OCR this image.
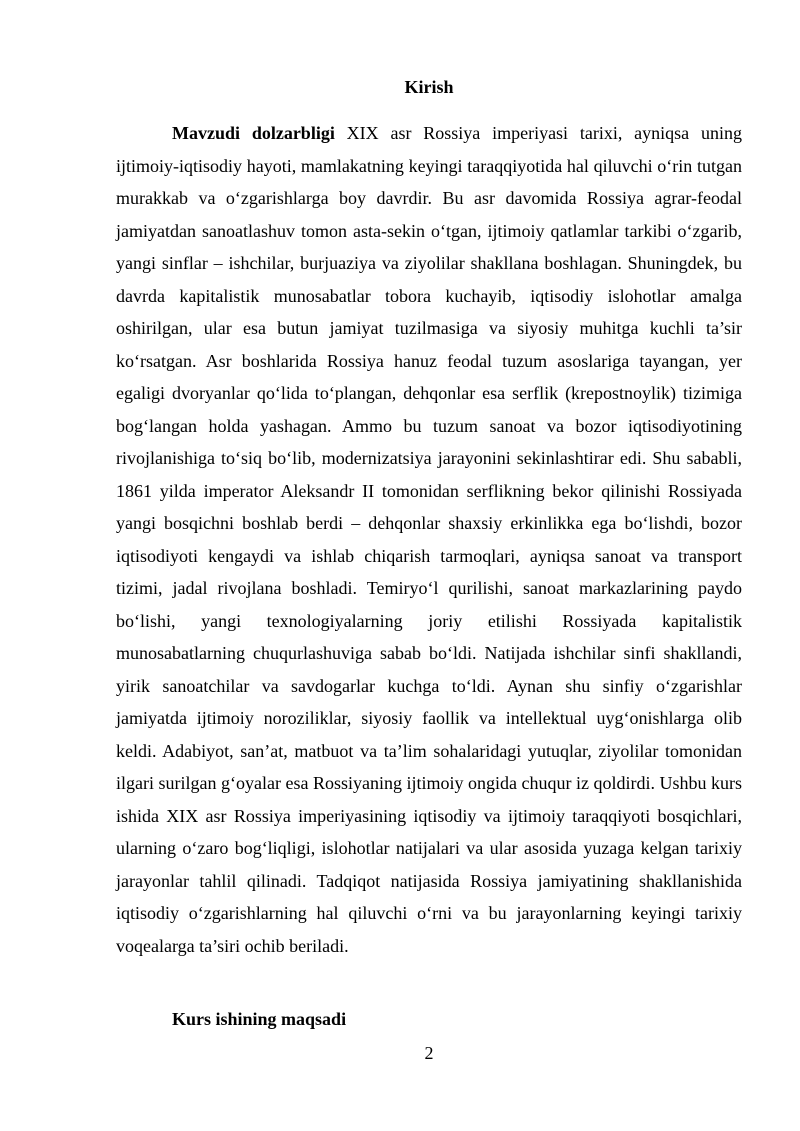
Kirish

Mavzudi dolzarbligi XIX asr Rossiya imperiyasi tarixi, ayniqsa uning ijtimoiy-iqtisodiy hayoti, mamlakatning keyingi taraqqiyotida hal qiluvchi o‘rin tutgan murakkab va o‘zgarishlarga boy davrdir. Bu asr davomida Rossiya agrar-feodal jamiyatdan sanoatlashuv tomon asta-sekin o‘tgan, ijtimoiy qatlamlar tarkibi o‘zgarib, yangi sinflar – ishchilar, burjuaziya va ziyolilar shakllana boshlagan. Shuningdek, bu davrda kapitalistik munosabatlar tobora kuchayib, iqtisodiy islohotlar amalga oshirilgan, ular esa butun jamiyat tuzilmasiga va siyosiy muhitga kuchli ta’sir ko‘rsatgan. Asr boshlarida Rossiya hanuz feodal tuzum asoslariga tayangan, yer egaligi dvoryanlar qo‘lida to‘plangan, dehqonlar esa serflik (krepostnoylik) tizimiga bog‘langan holda yashagan. Ammo bu tuzum sanoat va bozor iqtisodiyotining rivojlanishiga to‘siq bo‘lib, modernizatsiya jarayonini sekinlashtirar edi. Shu sababli, 1861 yilda imperator Aleksandr II tomonidan serflikning bekor qilinishi Rossiyada yangi bosqichni boshlab berdi – dehqonlar shaxsiy erkinlikka ega bo‘lishdi, bozor iqtisodiyoti kengaydi va ishlab chiqarish tarmoqlari, ayniqsa sanoat va transport tizimi, jadal rivojlana boshladi. Temiryo‘l qurilishi, sanoat markazlarining paydo bo‘lishi, yangi texnologiyalarning joriy etilishi Rossiyada kapitalistik munosabatlarning chuqurlashuviga sabab bo‘ldi. Natijada ishchilar sinfi shakllandi, yirik sanoatchilar va savdogarlar kuchga to‘ldi. Aynan shu sinfiy o‘zgarishlar jamiyatda ijtimoiy noroziliklar, siyosiy faollik va intellektual uyg‘onishlarga olib keldi. Adabiyot, san’at, matbuot va ta’lim sohalaridagi yutuqlar, ziyolilar tomonidan ilgari surilgan g‘oyalar esa Rossiyaning ijtimoiy ongida chuqur iz qoldirdi. Ushbu kurs ishida XIX asr Rossiya imperiyasining iqtisodiy va ijtimoiy taraqqiyoti bosqichlari, ularning o‘zaro bog‘liqligi, islohotlar natijalari va ular asosida yuzaga kelgan tarixiy jarayonlar tahlil qilinadi. Tadqiqot natijasida Rossiya jamiyatining shakllanishida iqtisodiy o‘zgarishlarning hal qiluvchi o‘rni va bu jarayonlarning keyingi tarixiy voqealarga ta’siri ochib beriladi.

Kurs ishining maqsadi
2
